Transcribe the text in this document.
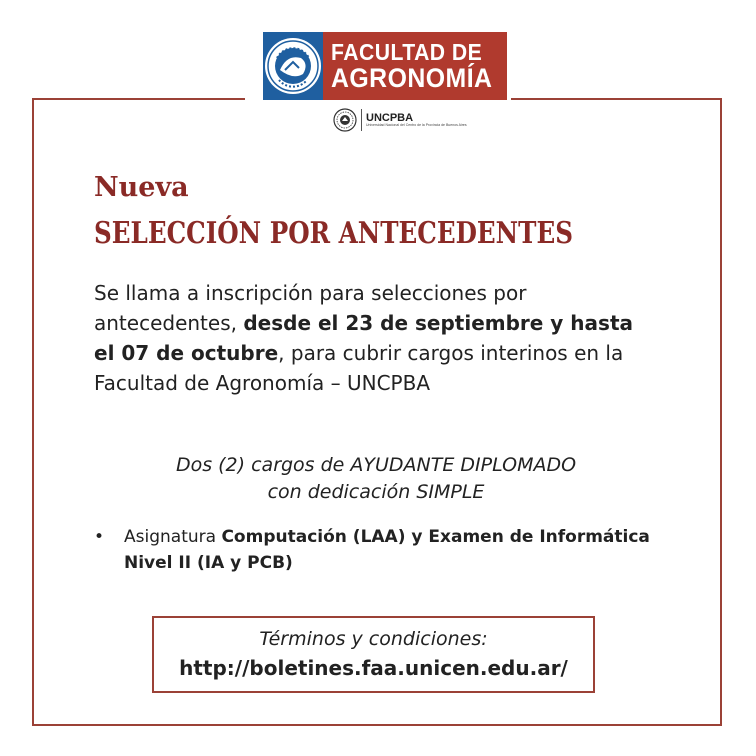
FACULTAD DE
AGRONOMÍA
UNCPBA
Universidad Nacional del Centro de la Provincia de Buenos Aires
Nueva
SELECCIÓN POR ANTECEDENTES

Se llama a inscripción para selecciones por antecedentes, desde el 23 de septiembre y hasta el 07 de octubre, para cubrir cargos interinos en la Facultad de Agronomía – UNCPBA

Dos (2) cargos de AYUDANTE DIPLOMADO
con dedicación SIMPLE
•	Asignatura Computación (LAA) y Examen de Informática Nivel II (IA y PCB)
Términos y condiciones:
http://boletines.faa.unicen.edu.ar/
